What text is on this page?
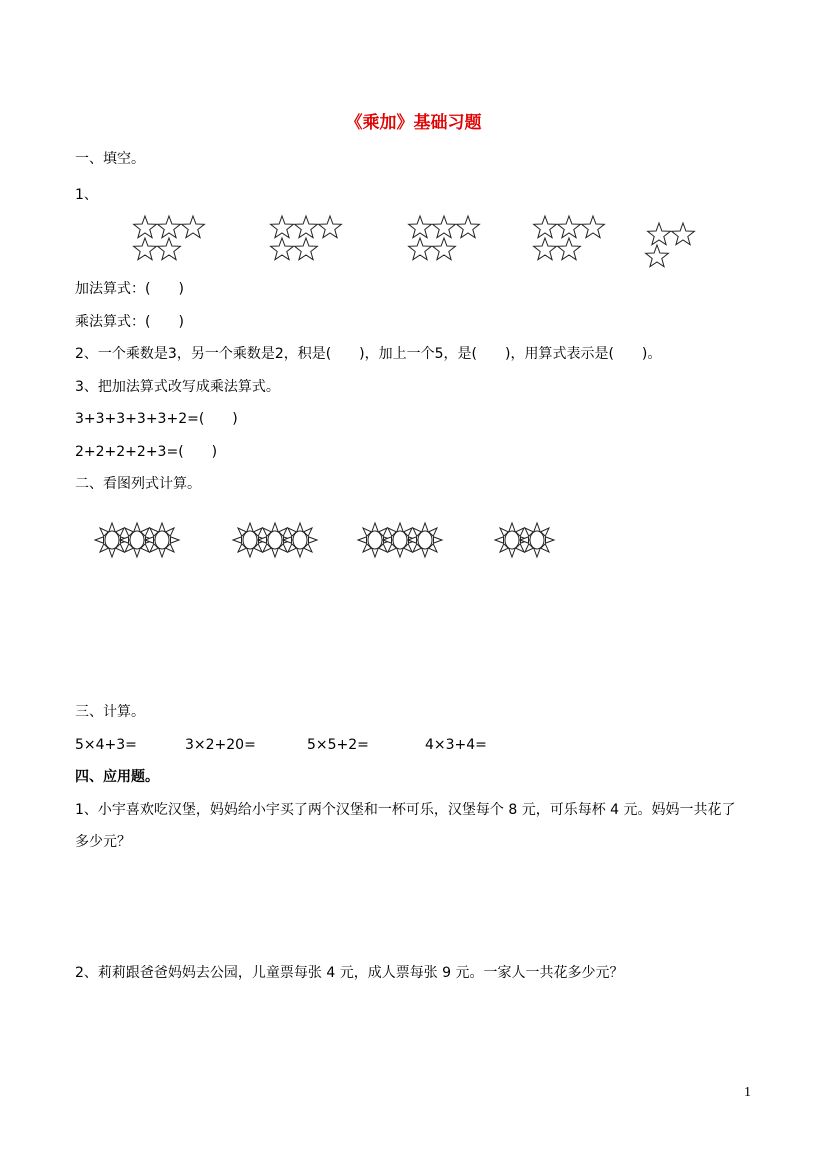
《乘加》基础习题
一、填空。
1、
加法算式：(　　)
乘法算式：(　　)
2、一个乘数是3，另一个乘数是2，积是(　　)，加上一个5，是(　　)，用算式表示是(　　)。
3、把加法算式改写成乘法算式。
3+3+3+3+3+2=(　　)
2+2+2+2+3=(　　)
二、看图列式计算。
三、计算。
5×4+3=	3×2+20=	5×5+2=	4×3+4=
四、应用题。
1、小宇喜欢吃汉堡，妈妈给小宇买了两个汉堡和一杯可乐，汉堡每个 8 元，可乐每杯 4 元。妈妈一共花了
多少元？
2、莉莉跟爸爸妈妈去公园，儿童票每张 4 元，成人票每张 9 元。一家人一共花多少元？
1
